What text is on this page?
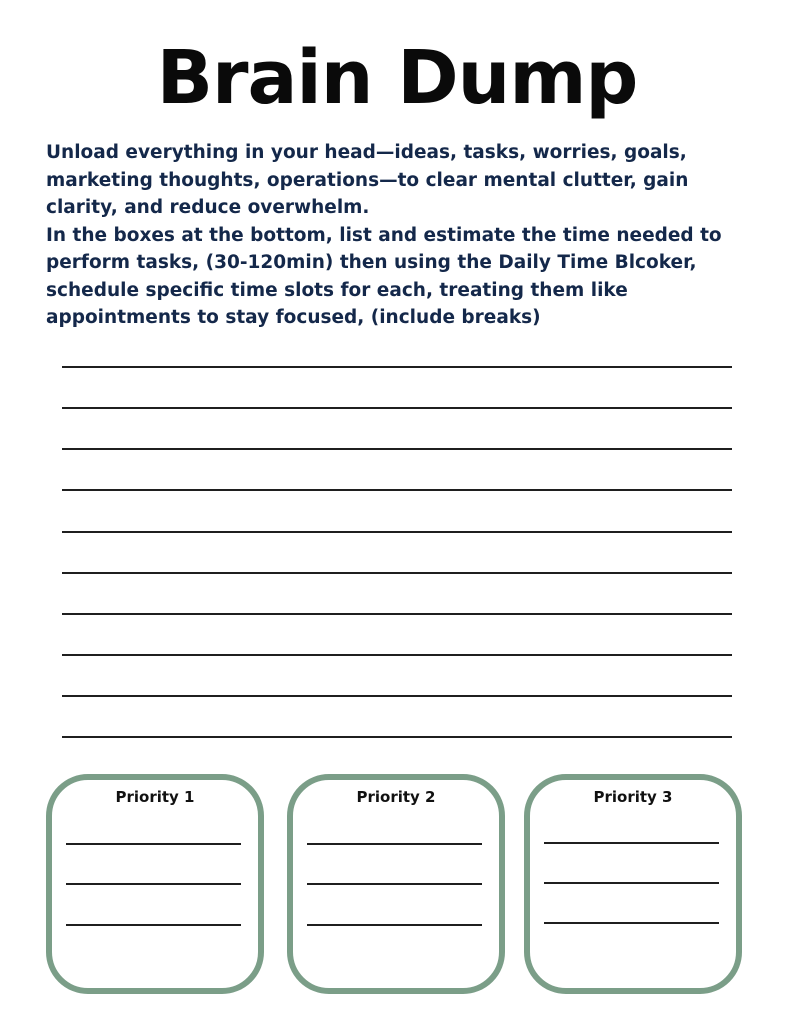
Brain Dump

Unload everything in your head—ideas, tasks, worries, goals, marketing thoughts, operations—to clear mental clutter, gain clarity, and reduce overwhelm.

In the boxes at the bottom, list and estimate the time needed to perform tasks, (30-120min) then using the Daily Time Blcoker, schedule specific time slots for each, treating them like appointments to stay focused, (include breaks)

Priority 1	Priority 2	Priority 3
